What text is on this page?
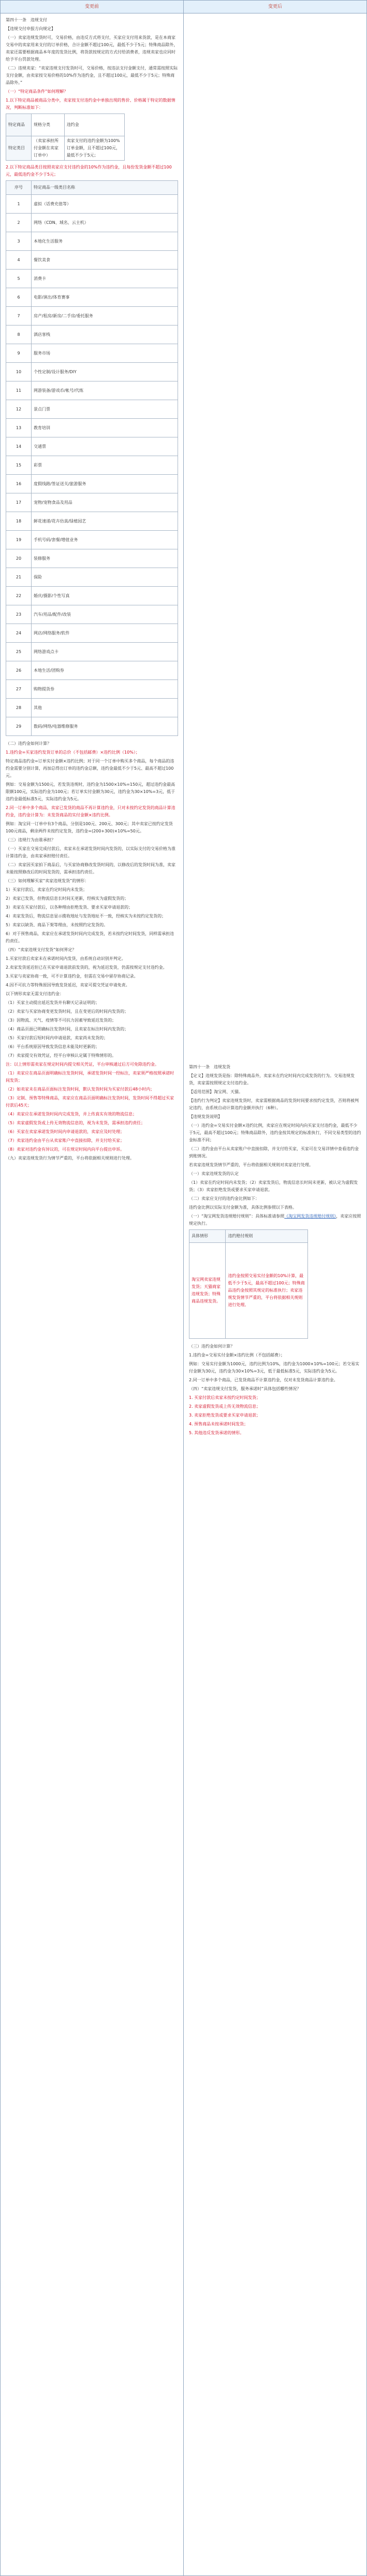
变更前	变更后

第四十一条　违规支付

【违规交付申报方向规定】

（一）卖家违规发货时可，交易价格，由违反方式将支付，买家应支付用来货款，是在本商家交易中的卖家用来支付的订单价格，合计金额不超过100元，最低不少于5元；特殊商品除外，卖家还需要根据商品本年度的发货比例，将货款按规定的方式付给消费者，违规卖家也应同时给予平台罚款处理。

（二）违规卖家：“卖家违规支付发货时可，交易价格，按违法支付金额支付，通常需按照实际支付金额，由卖家按交易价格的10%作为违约金，且不超过100元，最低不少于5元；特殊商品除外。”

（一）“特定商品条件”如何理解？

1.以下特定商品被商品分类中，卖家按支付违约金中单独出现的售价、价格属于特定的数据情况，判断标准如下：

特定商品	规格分类	违约金
特定类目	（卖家承担所付金额在卖家订单中）	卖家支付的违约金额为100%订单金额，且不超过100元，最低不少于5元；

2.以下特定商品类目按照卖家应支付违约金的10%作为违约金，且每份发货金额不超过100元，最低违约金不少于5元；

序号	特定商品一级类目名称
1	虚拟（话费充值等）
2	网络（CDN、域名、云主机）
3	本地化生活服务
4	餐饮美食
5	消费卡
6	电影/演出/体育赛事
7	房产/租房/新房/二手房/委托服务
8	酒店客栈
9	服务市场
10	个性定制/设计服务/DIY
11	网游装备/游戏币/帐号/代练
12	景点门票
13	教育培训
14	交通票
15	彩票
16	度假线路/签证送关/旅游服务
17	宠物/宠物食品及用品
18	鲜花速递/花卉仿真/绿植园艺
19	手机号码/套餐/增值业务
20	装修服务
21	保险
22	婚庆/摄影/个性写真
23	汽车/用品/配件/改装
24	网店/网络服务/软件
25	网络游戏点卡
26	本地生活/团购券
27	购物提货券
28	其他
29	数码/网络/电器维修服务

（二）违约金如何计算？

1.违约金=买家违约发货订单的总价（不包括邮费）×违约比例（10%）；

特定商品违约金=订单实付金额×违约比例；对于同一个订单中购买多个商品，每个商品的违约金需要分别计算，再加总得出订单的违约金总额，违约金最低不少于5元、最高不超过100元。

例如：交易金额为1500元，若发货违规时，违约金为1500×10%=150元，超过违约金最高限额100元，实际违约金为100元；若订单实付金额为30元，违约金为30×10%=3元，低于违约金最低标准5元，实际违约金为5元。

2.同一订单中多个商品，卖家已发货的商品不再计算违约金，只对未按约定发货的商品计算违约金，违约金计算为：未发货商品的实付金额×违约比例。

例如：淘宝同一订单中有3个商品，分别是100元、200元、300元；其中卖家已按约定发货100元商品，剩余两件未按约定发货，违约金=(200+300)×10%=50元。

（三）违规行为由谁承担？

（一）买家在交易完成付款后，卖家未在承诺发货时间内发货的，以实际支付的交易价格为准计算违约金，由卖家承担赔付责任。

（二）卖家因买家拍下商品后，与买家协商修改发货时间的，以修改后的发货时间为准，卖家未能按照修改后的时间发货的，需承担违约责任。

（三）如何理解买家“卖家违规发货”的情形：

1）买家付款后，卖家在约定时间内未发货；

2）卖家已发货，但物流信息长时间无更新，经核实为虚假发货的；

3）卖家在买家付款后，以各种理由拒绝发货、要求买家申请退款的；

4）卖家发货后，物流信息显示揽收地址与发货地址不一致，经核实为未按约定发货的；

5）卖家以缺货、商品下架等理由，未按照约定发货的。

6）对于预售商品，卖家应在承诺发货时间内完成发货，若未按约定时间发货，同样需承担违约责任。

（四）“卖家违规支付发货”如何界定？

1.买家付款后卖家未在承诺时间内发货，由系统自动识别并判定。

2.卖家发货延迟但已在买家申请退款前发货的，视为延迟发货，仍需按规定支付违约金。

3.买家与卖家协商一致，可不计算违约金，但需在交易中留存协商记录。

4.因不可抗力等特殊原因导致发货延迟，卖家可提交凭证申请免责。

以下情形卖家无需支付违约金：

（1）买家主动提出延迟发货并有聊天记录证明的；

（2）卖家与买家协商变更发货时间，且在变更后的时间内发货的；

（3）因物流、天气、疫情等不可抗力因素导致延迟发货的；

（4）商品页面已明确标注发货时间，且卖家在标注时间内发货的；

（5）买家付款后短时间内申请退款，卖家尚未发货的；

（6）平台系统原因导致发货信息未能及时更新的；

（7）卖家提交有效凭证，经平台审核认定属于特殊情形的。

注：以上情形需卖家在规定时间内提交相关凭证，平台审核通过后方可免除违约金。

（1）卖家应在商品页面明确标注发货时间，承诺发货时间一经标注，卖家须严格按照承诺时间发货；

（2）如卖家未在商品页面标注发货时间，默认发货时间为买家付款后48小时内；

（3）定制、预售等特殊商品，卖家应在商品页面明确标注发货时间，发货时间不得超过买家付款后45天；

（4）卖家应在承诺发货时间内完成发货，并上传真实有效的物流信息；

（5）卖家虚假发货或上传无效物流信息的，视为未发货，需承担违约责任；

（6）买家在卖家承诺发货时间内申请退款的，卖家应及时处理；

（7）卖家违约金由平台从卖家账户中直接扣除，并支付给买家；

（8）卖家对违约金有异议的，可在规定时间内向平台提出申诉。

（九）卖家违规发货行为情节严重的，平台将依据相关规则进行处理。

第四十一条　违规发货

【定义】违规发货是指：除特殊商品外，卖家未在约定时间内完成发货的行为。交易违规发货，卖家需按照规定支付违约金。

【适用范围】淘宝网、天猫。

【违约行为判定】卖家违规发货时，卖家需根据商品的发货时间要求按约定发货，否则将被判定违约，由系统自动计算违约金额并执行（6种）。

【违规发货说明】

（一）违约金=交易实付金额×违约比例，卖家应在规定时间内向买家支付违约金，最低不少于5元，最高不超过100元；特殊商品除外，违约金按其规定的标准执行，不同交易类型的违约金标准不同；

（二）违约金由平台从卖家账户中直接扣除，并支付给买家，买家可在交易详情中查看违约金到账情况。

若卖家违规发货情节严重的，平台将依据相关规则对卖家进行处理。

（一）卖家违规发货的认定

（1）卖家在约定时间内未发货；（2）卖家发货后，物流信息长时间未更新，被认定为虚假发货；（3）卖家拒绝发货或要求买家申请退款。

（二）卖家应支付的违约金比例如下：

违约金比例以实际支付金额为准，具体比例参照以下表格。

（一）“淘宝网发货违规赔付规则”：具体标准请参照《淘宝网发货违规赔付规则》，卖家应按照规定执行。

具体情形	违约赔付规则
淘宝网卖家违规发货；天猫商家违规发货；特殊商品违规发货。	违约金按照交易实付金额的10%计算，最低不少于5元，最高不超过100元；特殊商品违约金按照其规定的标准执行；卖家违规发货情节严重的，平台将依据相关规则进行处理。

（三）违约金如何计算？

1.违约金=交易实付金额×违约比例（不包括邮费）；

例如：交易实付金额为1000元，违约比例为10%，违约金为1000×10%=100元；若交易实付金额为30元，违约金为30×10%=3元，低于最低标准5元，实际违约金为5元。

2.同一订单中多个商品，已发货商品不计算违约金，仅对未发货商品计算违约金。

（四）“卖家违规支付发货，服务承诺时”具体包括哪些情况？

1. 买家付款后卖家未按约定时间发货；

2. 卖家虚假发货或上传无效物流信息；

3. 卖家拒绝发货或要求买家申请退款；

4. 预售商品未按承诺时间发货；

5. 其他违反发货承诺的情形。
